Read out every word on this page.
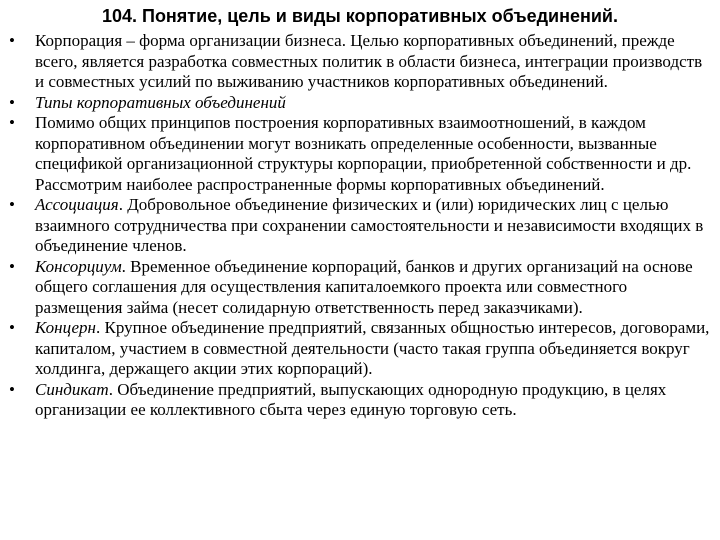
104. Понятие, цель и виды корпоративных объединений.
• Корпорация – форма организации бизнеса. Целью корпоративных объединений, прежде всего, является разработка совместных политик в области бизнеса, интеграции производств и совместных усилий по выживанию участников корпоративных объединений.
• Типы корпоративных объединений
• Помимо общих принципов построения корпоративных взаимоотношений, в каждом корпоративном объединении могут возникать определенные особенности, вызванные спецификой организационной структуры корпорации, приобретенной собственности и др. Рассмотрим наиболее распространенные формы корпоративных объединений.
• Ассоциация. Добровольное объединение физических и (или) юридических лиц с целью взаимного сотрудничества при сохранении самостоятельности и независимости входящих в объединение членов.
• Консорциум. Временное объединение корпораций, банков и других организаций на основе общего соглашения для осуществления капиталоемкого проекта или совместного размещения займа (несет солидарную ответственность перед заказчиками).
• Концерн. Крупное объединение предприятий, связанных общностью интересов, договорами, капиталом, участием в совместной деятельности (часто такая группа объединяется вокруг холдинга, держащего акции этих корпораций).
• Синдикат. Объединение предприятий, выпускающих однородную продукцию, в целях организации ее коллективного сбыта через единую торговую сеть.
